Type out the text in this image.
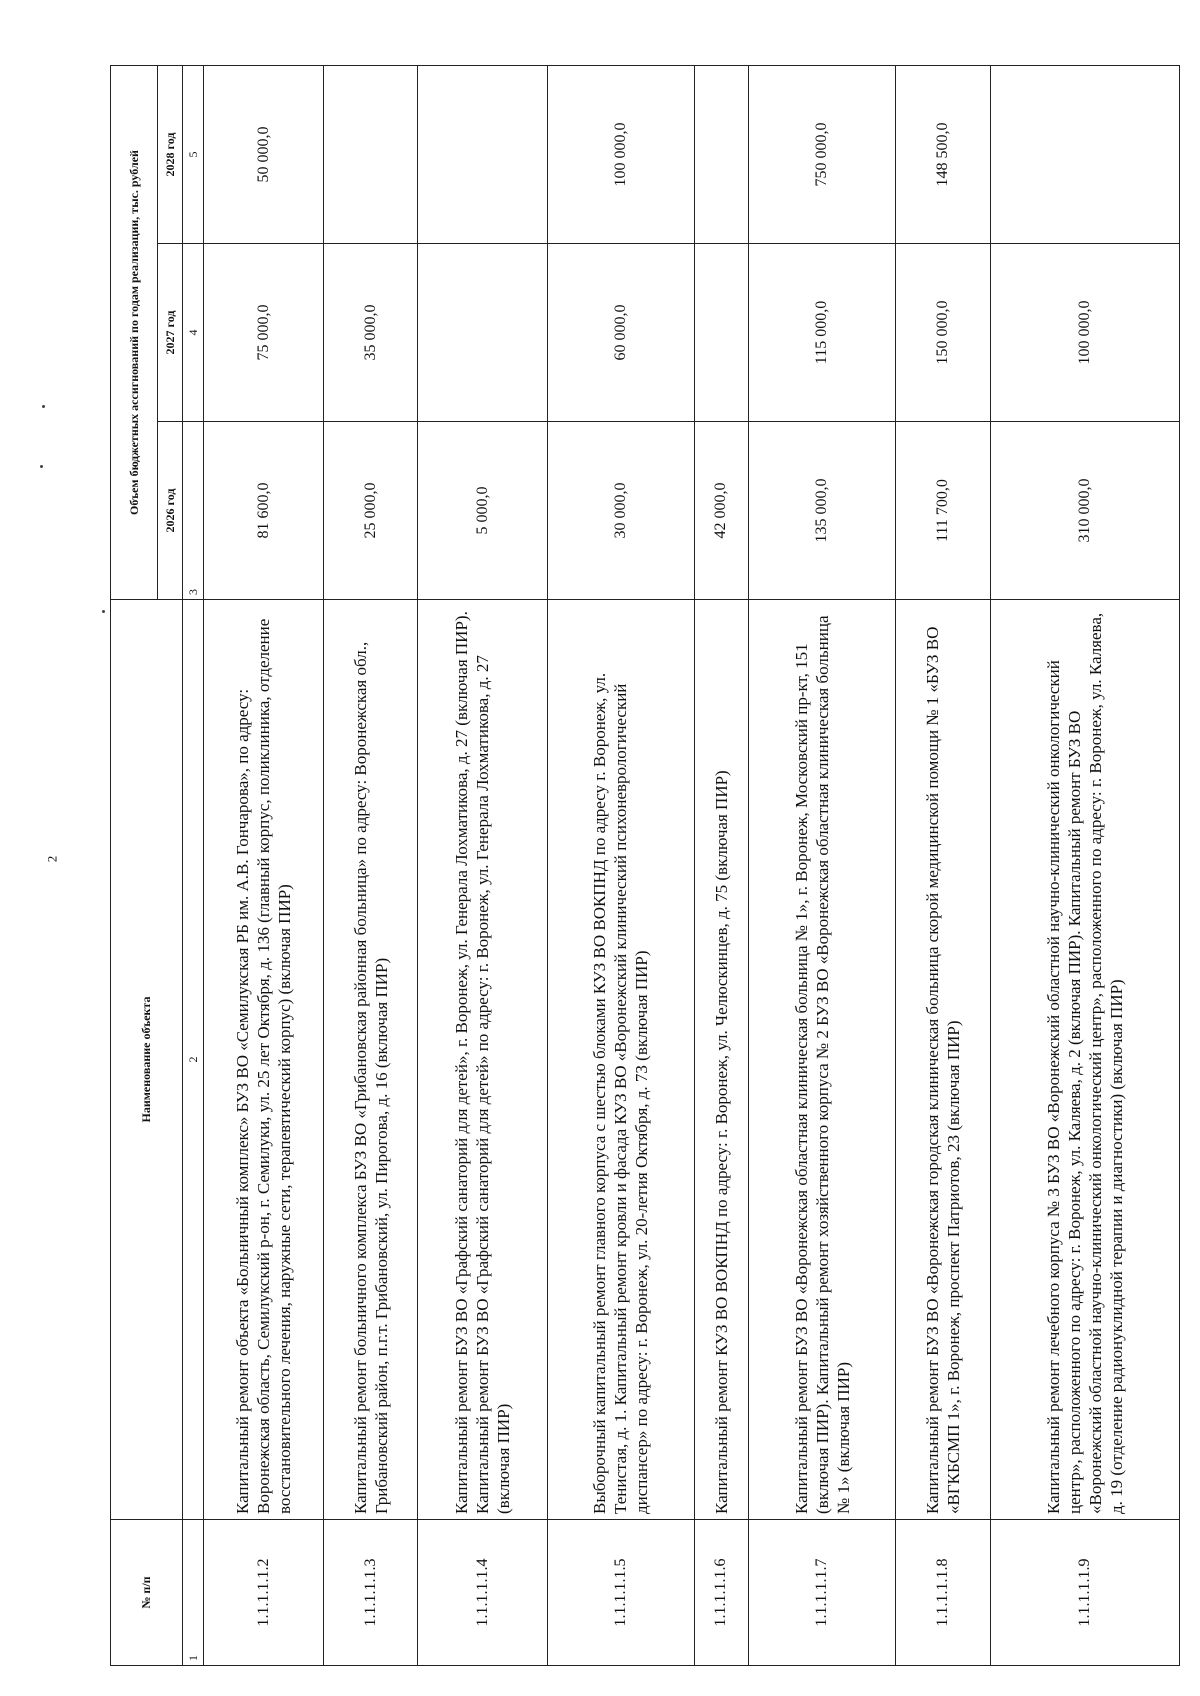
2
№ п/п	Наименование объекта	Объем бюджетных ассигнований по годам реализации, тыс. рублей		
		2026 год	2027 год	2028 год
1	2	3	4	5
1.1.1.1.1.2	Капитальный ремонт объекта «Больничный комплекс» БУЗ ВО «Семилукская РБ им. А.В. Гончарова», по адресу: Воронежская область, Семилукский р-он, г. Семилуки, ул. 25 лет Октября, д. 136 (главный корпус, поликлиника, отделение восстановительного лечения, наружные сети, терапевтический корпус) (включая ПИР)	81 600,0	75 000,0	50 000,0
1.1.1.1.1.3	Капитальный ремонт больничного комплекса БУЗ ВО «Грибановская районная больница» по адресу: Воронежская обл., Грибановский район, п.г.т. Грибановский, ул. Пирогова, д. 16 (включая ПИР)	25 000,0	35 000,0	
1.1.1.1.1.4	Капитальный ремонт БУЗ ВО «Графский санаторий для детей», г. Воронеж, ул. Генерала Лохматикова, д. 27 (включая ПИР). Капитальный ремонт БУЗ ВО «Графский санаторий для детей» по адресу: г. Воронеж, ул. Генерала Лохматикова, д. 27 (включая ПИР)	5 000,0		
1.1.1.1.1.5	Выборочный капитальный ремонт главного корпуса с шестью блоками КУЗ ВО ВОКПНД по адресу г. Воронеж, ул. Тенистая, д. 1. Капитальный ремонт кровли и фасада КУЗ ВО «Воронежский клинический психоневрологический диспансер» по адресу: г. Воронеж, ул. 20-летия Октября, д. 73 (включая ПИР)	30 000,0	60 000,0	100 000,0
1.1.1.1.1.6	Капитальный ремонт КУЗ ВО ВОКПНД по адресу: г. Воронеж, ул. Челюскинцев, д. 75 (включая ПИР)	42 000,0		
1.1.1.1.1.7	Капитальный ремонт БУЗ ВО «Воронежская областная клиническая больница № 1», г. Воронеж, Московский пр-кт, 151 (включая ПИР). Капитальный ремонт хозяйственного корпуса № 2 БУЗ ВО «Воронежская областная клиническая больница № 1» (включая ПИР)	135 000,0	115 000,0	750 000,0
1.1.1.1.1.8	Капитальный ремонт БУЗ ВО «Воронежская городская клиническая больница скорой медицинской помощи № 1 «БУЗ ВО «ВГКБСМП 1», г. Воронеж, проспект Патриотов, 23 (включая ПИР)	111 700,0	150 000,0	148 500,0
1.1.1.1.1.9	Капитальный ремонт лечебного корпуса № 3 БУЗ ВО «Воронежский областной научно-клинический онкологический центр», расположенного по адресу: г. Воронеж, ул. Каляева, д. 2 (включая ПИР). Капитальный ремонт БУЗ ВО «Воронежский областной научно-клинический онкологический центр», расположенного по адресу: г. Воронеж, ул. Каляева, д. 19 (отделение радионуклидной терапии и диагностики) (включая ПИР)	310 000,0	100 000,0	
